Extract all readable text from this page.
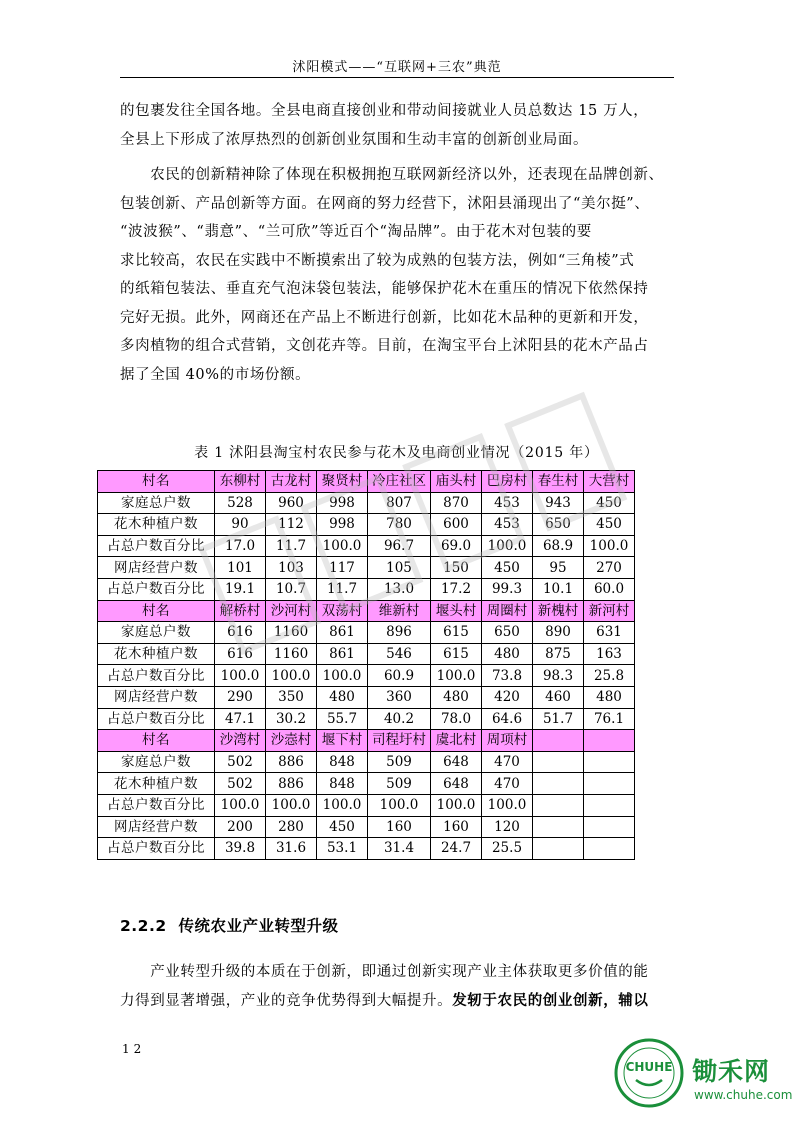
沭阳模式——“互联网+三农”典范

的包裹发往全国各地。全县电商直接创业和带动间接就业人员总数达 15 万人，
全县上下形成了浓厚热烈的创新创业氛围和生动丰富的创新创业局面。

　　农民的创新精神除了体现在积极拥抱互联网新经济以外，还表现在品牌创新、
包装创新、产品创新等方面。在网商的努力经营下，沭阳县涌现出了“美尔挺”、
“波波猴”、“翡意”、“兰可欣”等近百个“淘品牌”。由于花木对包装的要
求比较高，农民在实践中不断摸索出了较为成熟的包装方法，例如“三角棱”式
的纸箱包装法、垂直充气泡沫袋包装法，能够保护花木在重压的情况下依然保持
完好无损。此外，网商还在产品上不断进行创新，比如花木品种的更新和开发，
多肉植物的组合式营销，文创花卉等。目前，在淘宝平台上沭阳县的花木产品占
据了全国 40%的市场份额。

表 1 沭阳县淘宝村农民参与花木及电商创业情况（2015 年）
村名	东柳村	古龙村	聚贤村	冷庄社区	庙头村	巴房村	春生村	大营村
家庭总户数	528	960	998	807	870	453	943	450
花木种植户数	90	112	998	780	600	453	650	450
占总户数百分比	17.0	11.7	100.0	96.7	69.0	100.0	68.9	100.0
网店经营户数	101	103	117	105	150	450	95	270
占总户数百分比	19.1	10.7	11.7	13.0	17.2	99.3	10.1	60.0
村名	解桥村	沙河村	双荡村	维新村	堰头村	周圈村	新槐村	新河村
家庭总户数	616	1160	861	896	615	650	890	631
花木种植户数	616	1160	861	546	615	480	875	163
占总户数百分比	100.0	100.0	100.0	60.9	100.0	73.8	98.3	25.8
网店经营户数	290	350	480	360	480	420	460	480
占总户数百分比	47.1	30.2	55.7	40.2	78.0	64.6	51.7	76.1
村名	沙湾村	沙悫村	堰下村	司程圩村	虞北村	周项村		
家庭总户数	502	886	848	509	648	470		
花木种植户数	502	886	848	509	648	470		
占总户数百分比	100.0	100.0	100.0	100.0	100.0	100.0		
网店经营户数	200	280	450	160	160	120		
占总户数百分比	39.8	31.6	53.1	31.4	24.7	25.5		
2.2.2 传统农业产业转型升级

　　产业转型升级的本质在于创新，即通过创新实现产业主体获取更多价值的能
力得到显著增强，产业的竞争优势得到大幅提升。发轫于农民的创业创新，辅以

12
CHUHE 锄禾网
www.chuhe.com
